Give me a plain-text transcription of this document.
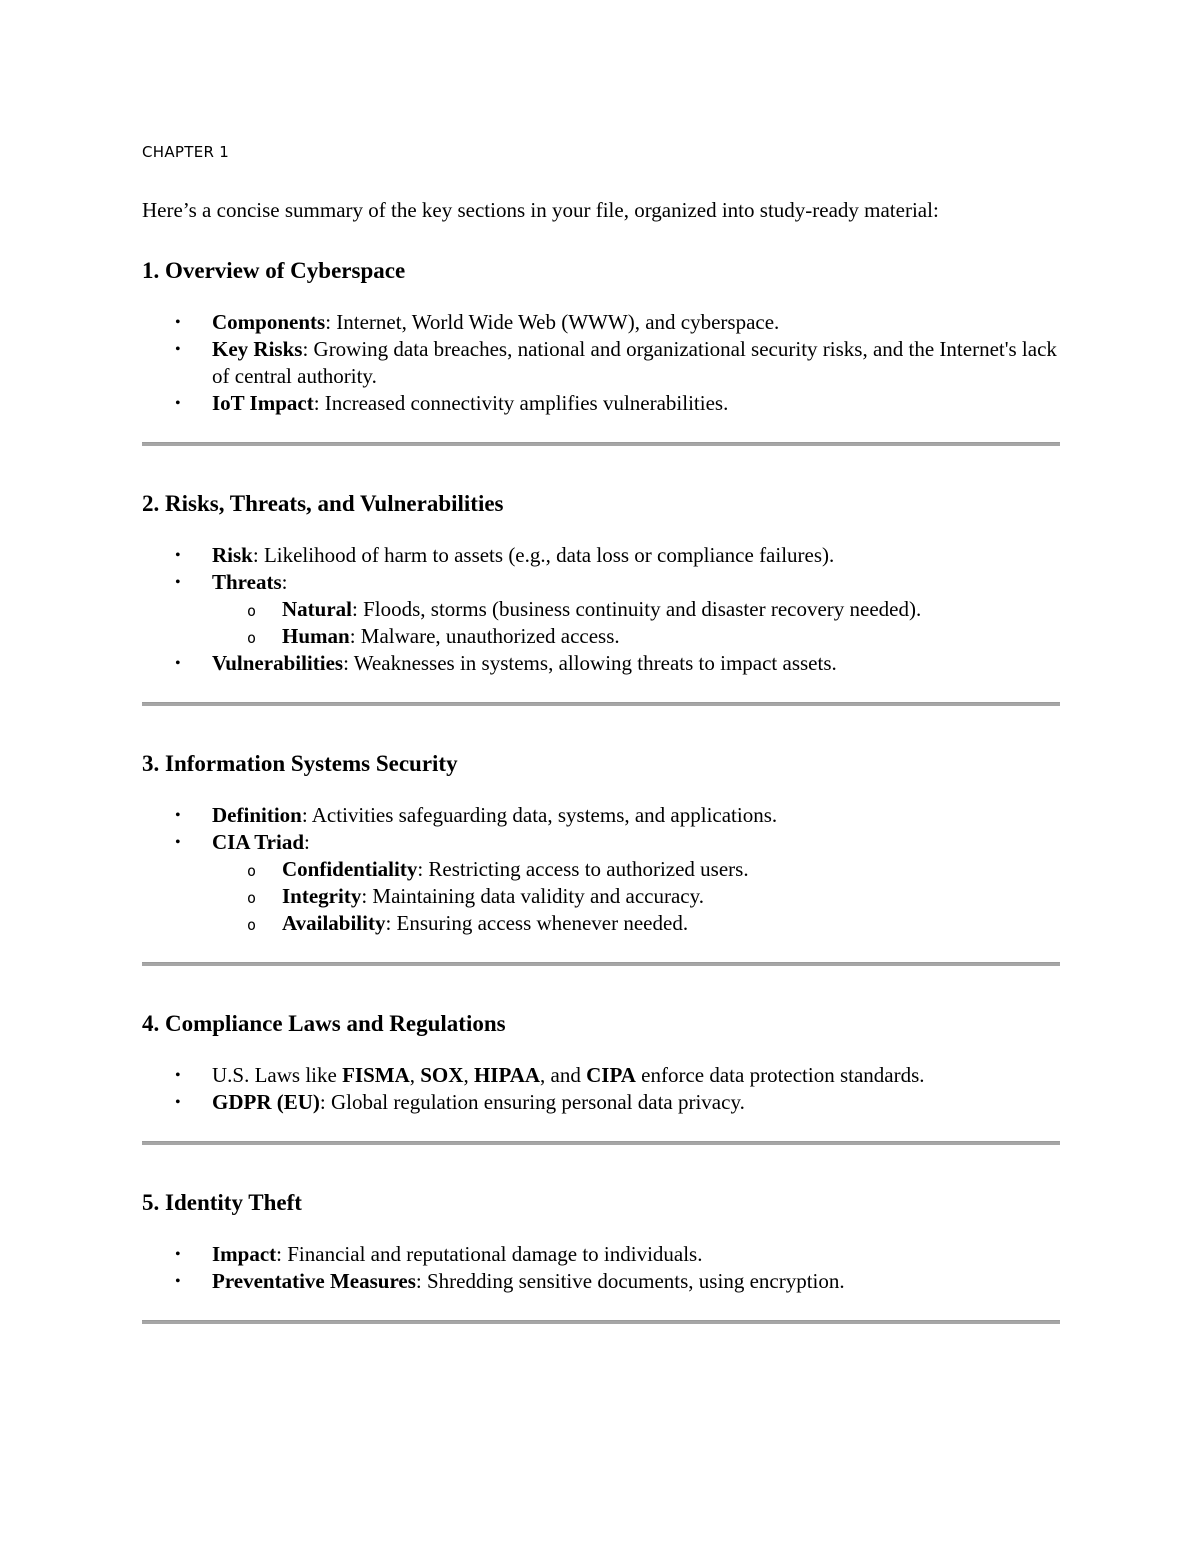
CHAPTER 1
Here’s a concise summary of the key sections in your file, organized into study-ready material:
1. Overview of Cyberspace
• Components: Internet, World Wide Web (WWW), and cyberspace.
• Key Risks: Growing data breaches, national and organizational security risks, and the Internet's lack of central authority.
• IoT Impact: Increased connectivity amplifies vulnerabilities.
2. Risks, Threats, and Vulnerabilities
• Risk: Likelihood of harm to assets (e.g., data loss or compliance failures).
• Threats:
o Natural: Floods, storms (business continuity and disaster recovery needed).
o Human: Malware, unauthorized access.
• Vulnerabilities: Weaknesses in systems, allowing threats to impact assets.
3. Information Systems Security
• Definition: Activities safeguarding data, systems, and applications.
• CIA Triad:
o Confidentiality: Restricting access to authorized users.
o Integrity: Maintaining data validity and accuracy.
o Availability: Ensuring access whenever needed.
4. Compliance Laws and Regulations
• U.S. Laws like FISMA, SOX, HIPAA, and CIPA enforce data protection standards.
• GDPR (EU): Global regulation ensuring personal data privacy.
5. Identity Theft
• Impact: Financial and reputational damage to individuals.
• Preventative Measures: Shredding sensitive documents, using encryption.
